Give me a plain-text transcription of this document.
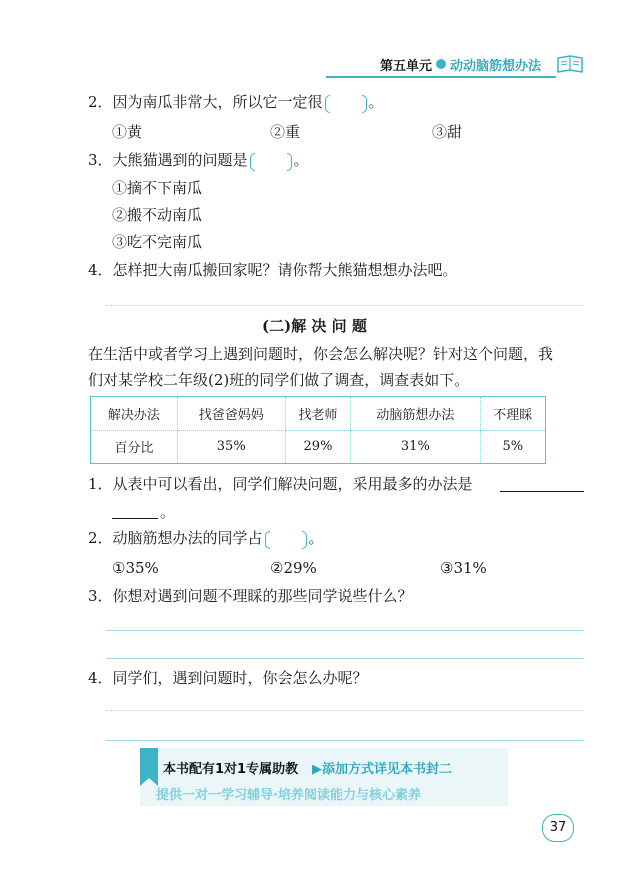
第五单元 动动脑筋想办法
2．因为南瓜非常大，所以它一定很	。
①黄	②重	③甜
3．大熊猫遇到的问题是	。
①摘不下南瓜
②搬不动南瓜
③吃不完南瓜
4．怎样把大南瓜搬回家呢？请你帮大熊猫想想办法吧。
(二)解 决 问 题
在生活中或者学习上遇到问题时，你会怎么解决呢？针对这个问题，我
们对某学校二年级(2)班的同学们做了调查，调查表如下。
解决办法	找爸爸妈妈	找老师	动脑筋想办法	不理睬
百分比	35%	29%	31%	5%
1．从表中可以看出，同学们解决问题，采用最多的办法是
。
2．动脑筋想办法的同学占	。
①35%	②29%	③31%
3．你想对遇到问题不理睬的那些同学说些什么？
4．同学们，遇到问题时，你会怎么办呢？
本书配有1对1专属助教 ▶添加方式详见本书封二
提供一对一学习辅导·培养阅读能力与核心素养
37
